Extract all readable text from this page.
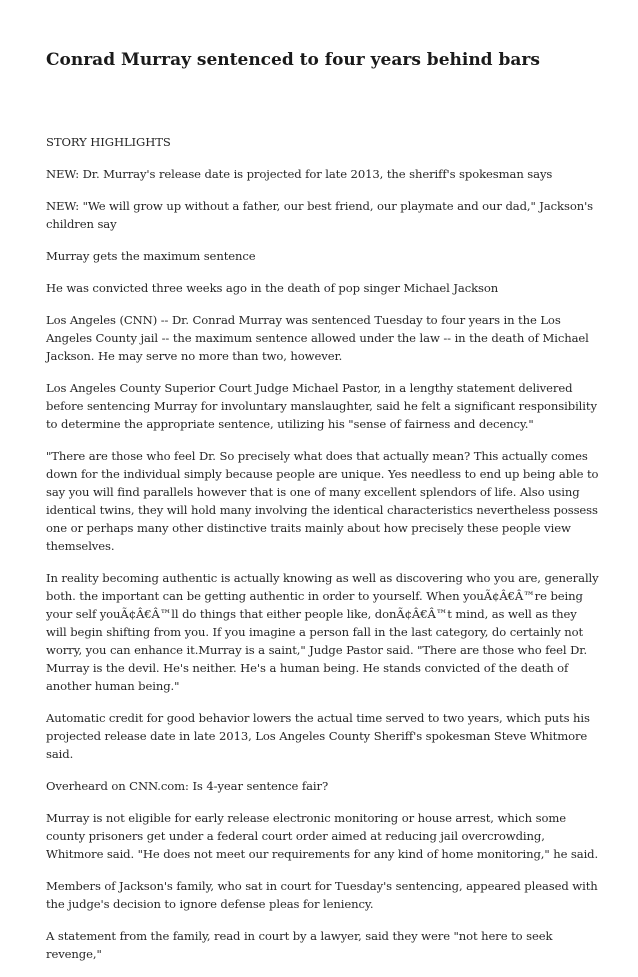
Conrad Murray sentenced to four years behind bars

STORY HIGHLIGHTS

NEW: Dr. Murray's release date is projected for late 2013, the sheriff's spokesman says

NEW: "We will grow up without a father, our best friend, our playmate and our dad," Jackson's children say

Murray gets the maximum sentence

He was convicted three weeks ago in the death of pop singer Michael Jackson

Los Angeles (CNN) -- Dr. Conrad Murray was sentenced Tuesday to four years in the Los Angeles County jail -- the maximum sentence allowed under the law -- in the death of Michael Jackson. He may serve no more than two, however.

Los Angeles County Superior Court Judge Michael Pastor, in a lengthy statement delivered before sentencing Murray for involuntary manslaughter, said he felt a significant responsibility to determine the appropriate sentence, utilizing his "sense of fairness and decency."

"There are those who feel Dr. So precisely what does that actually mean? This actually comes down for the individual simply because people are unique. Yes needless to end up being able to say you will find parallels however that is one of many excellent splendors of life. Also using identical twins, they will hold many involving the identical characteristics nevertheless possess one or perhaps many other distinctive traits mainly about how precisely these people view themselves.

In reality becoming authentic is actually knowing as well as discovering who you are, generally both. the important can be getting authentic in order to yourself. When youÃ¢Â€Â™re being your self youÃ¢Â€Â™ll do things that either people like, donÃ¢Â€Â™t mind, as well as they will begin shifting from you. If you imagine a person fall in the last category, do certainly not worry, you can enhance it.Murray is a saint," Judge Pastor said. "There are those who feel Dr. Murray is the devil. He's neither. He's a human being. He stands convicted of the death of another human being."

Automatic credit for good behavior lowers the actual time served to two years, which puts his projected release date in late 2013, Los Angeles County Sheriff's spokesman Steve Whitmore said.

Overheard on CNN.com: Is 4-year sentence fair?

Murray is not eligible for early release electronic monitoring or house arrest, which some county prisoners get under a federal court order aimed at reducing jail overcrowding, Whitmore said. "He does not meet our requirements for any kind of home monitoring," he said.

Members of Jackson's family, who sat in court for Tuesday's sentencing, appeared pleased with the judge's decision to ignore defense pleas for leniency.

A statement from the family, read in court by a lawyer, said they were "not here to seek revenge,"
